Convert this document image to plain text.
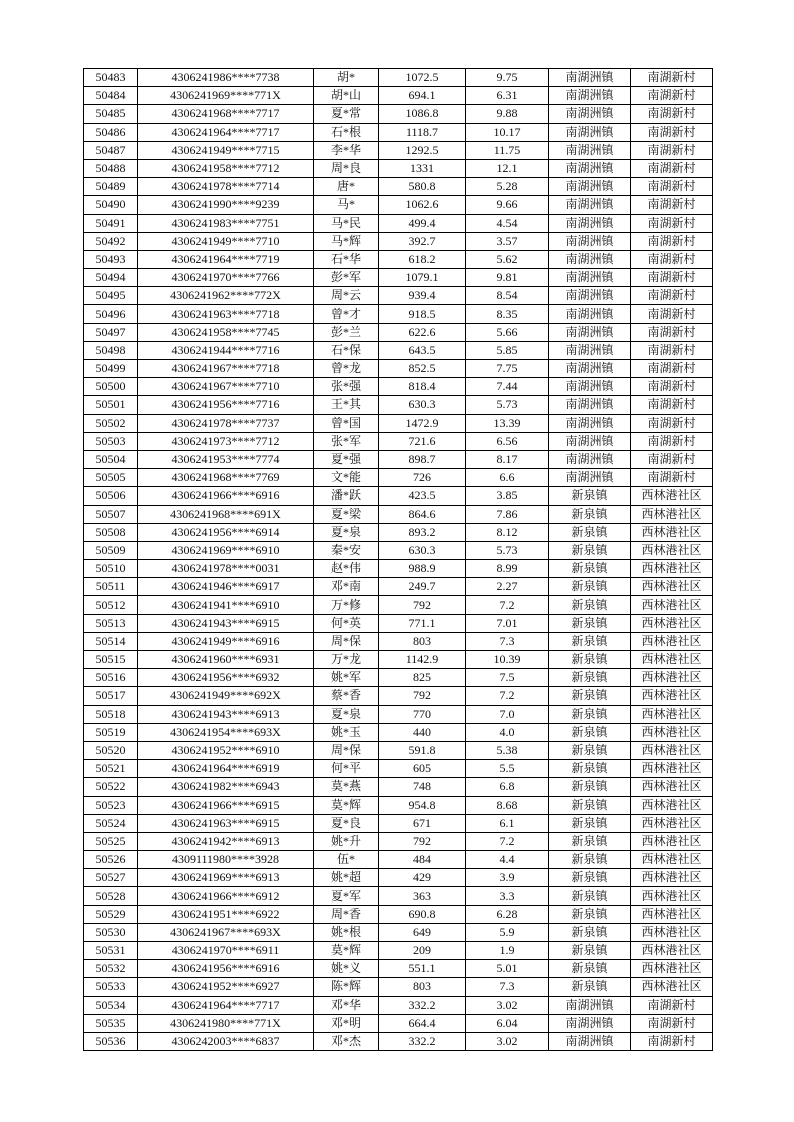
50483	4306241986****7738	胡*	1072.5	9.75	南湖洲镇	南湖新村
50484	4306241969****771X	胡*山	694.1	6.31	南湖洲镇	南湖新村
50485	4306241968****7717	夏*常	1086.8	9.88	南湖洲镇	南湖新村
50486	4306241964****7717	石*根	1118.7	10.17	南湖洲镇	南湖新村
50487	4306241949****7715	李*华	1292.5	11.75	南湖洲镇	南湖新村
50488	4306241958****7712	周*良	1331	12.1	南湖洲镇	南湖新村
50489	4306241978****7714	唐*	580.8	5.28	南湖洲镇	南湖新村
50490	4306241990****9239	马*	1062.6	9.66	南湖洲镇	南湖新村
50491	4306241983****7751	马*民	499.4	4.54	南湖洲镇	南湖新村
50492	4306241949****7710	马*辉	392.7	3.57	南湖洲镇	南湖新村
50493	4306241964****7719	石*华	618.2	5.62	南湖洲镇	南湖新村
50494	4306241970****7766	彭*军	1079.1	9.81	南湖洲镇	南湖新村
50495	4306241962****772X	周*云	939.4	8.54	南湖洲镇	南湖新村
50496	4306241963****7718	曾*才	918.5	8.35	南湖洲镇	南湖新村
50497	4306241958****7745	彭*兰	622.6	5.66	南湖洲镇	南湖新村
50498	4306241944****7716	石*保	643.5	5.85	南湖洲镇	南湖新村
50499	4306241967****7718	曾*龙	852.5	7.75	南湖洲镇	南湖新村
50500	4306241967****7710	张*强	818.4	7.44	南湖洲镇	南湖新村
50501	4306241956****7716	王*其	630.3	5.73	南湖洲镇	南湖新村
50502	4306241978****7737	曾*国	1472.9	13.39	南湖洲镇	南湖新村
50503	4306241973****7712	张*军	721.6	6.56	南湖洲镇	南湖新村
50504	4306241953****7774	夏*强	898.7	8.17	南湖洲镇	南湖新村
50505	4306241968****7769	文*能	726	6.6	南湖洲镇	南湖新村
50506	4306241966****6916	潘*跃	423.5	3.85	新泉镇	西林港社区
50507	4306241968****691X	夏*梁	864.6	7.86	新泉镇	西林港社区
50508	4306241956****6914	夏*泉	893.2	8.12	新泉镇	西林港社区
50509	4306241969****6910	秦*安	630.3	5.73	新泉镇	西林港社区
50510	4306241978****0031	赵*伟	988.9	8.99	新泉镇	西林港社区
50511	4306241946****6917	邓*南	249.7	2.27	新泉镇	西林港社区
50512	4306241941****6910	万*修	792	7.2	新泉镇	西林港社区
50513	4306241943****6915	何*英	771.1	7.01	新泉镇	西林港社区
50514	4306241949****6916	周*保	803	7.3	新泉镇	西林港社区
50515	4306241960****6931	万*龙	1142.9	10.39	新泉镇	西林港社区
50516	4306241956****6932	姚*军	825	7.5	新泉镇	西林港社区
50517	4306241949****692X	蔡*香	792	7.2	新泉镇	西林港社区
50518	4306241943****6913	夏*泉	770	7.0	新泉镇	西林港社区
50519	4306241954****693X	姚*玉	440	4.0	新泉镇	西林港社区
50520	4306241952****6910	周*保	591.8	5.38	新泉镇	西林港社区
50521	4306241964****6919	何*平	605	5.5	新泉镇	西林港社区
50522	4306241982****6943	莫*燕	748	6.8	新泉镇	西林港社区
50523	4306241966****6915	莫*辉	954.8	8.68	新泉镇	西林港社区
50524	4306241963****6915	夏*良	671	6.1	新泉镇	西林港社区
50525	4306241942****6913	姚*升	792	7.2	新泉镇	西林港社区
50526	4309111980****3928	伍*	484	4.4	新泉镇	西林港社区
50527	4306241969****6913	姚*超	429	3.9	新泉镇	西林港社区
50528	4306241966****6912	夏*军	363	3.3	新泉镇	西林港社区
50529	4306241951****6922	周*香	690.8	6.28	新泉镇	西林港社区
50530	4306241967****693X	姚*根	649	5.9	新泉镇	西林港社区
50531	4306241970****6911	莫*辉	209	1.9	新泉镇	西林港社区
50532	4306241956****6916	姚*义	551.1	5.01	新泉镇	西林港社区
50533	4306241952****6927	陈*辉	803	7.3	新泉镇	西林港社区
50534	4306241964****7717	邓*华	332.2	3.02	南湖洲镇	南湖新村
50535	4306241980****771X	邓*明	664.4	6.04	南湖洲镇	南湖新村
50536	4306242003****6837	邓*杰	332.2	3.02	南湖洲镇	南湖新村
